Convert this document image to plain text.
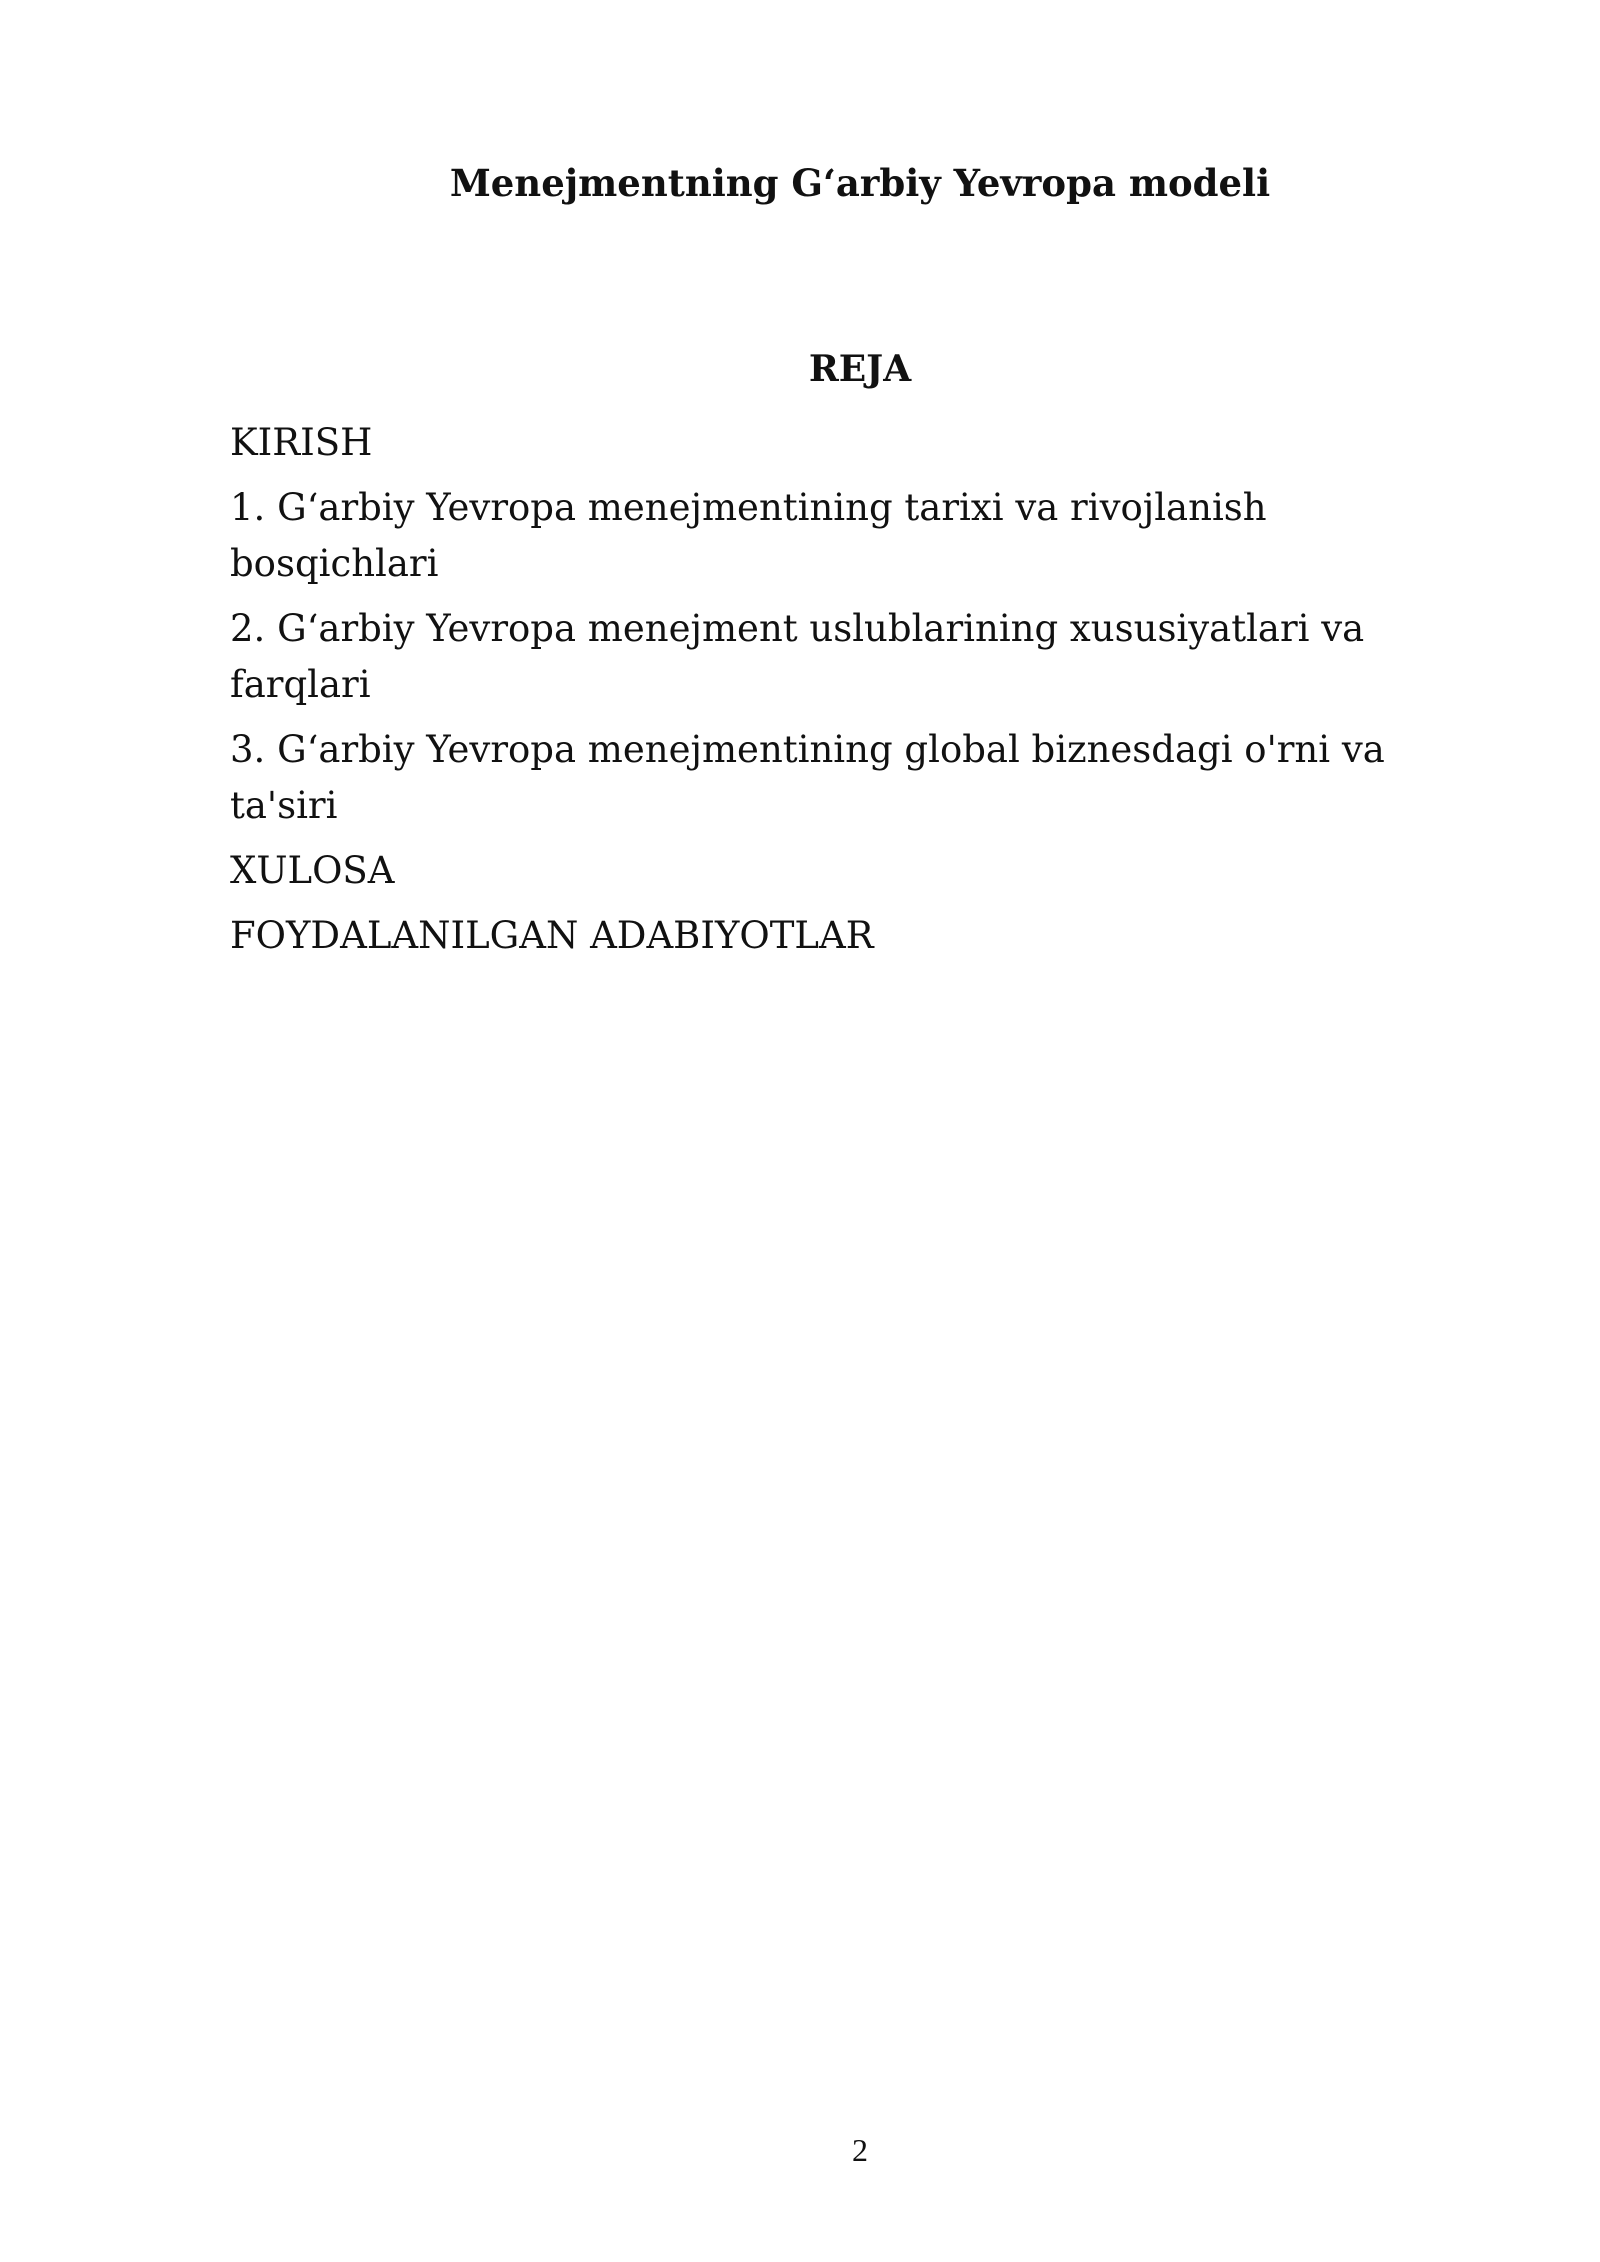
Menejmentning G‘arbiy Yevropa modeli
REJA
KIRISH
1. G‘arbiy Yevropa menejmentining tarixi va rivojlanish bosqichlari
2. G‘arbiy Yevropa menejment uslublarining xususiyatlari va farqlari
3. G‘arbiy Yevropa menejmentining global biznesdagi o'rni va ta'siri
XULOSA
FOYDALANILGAN ADABIYOTLAR
2
